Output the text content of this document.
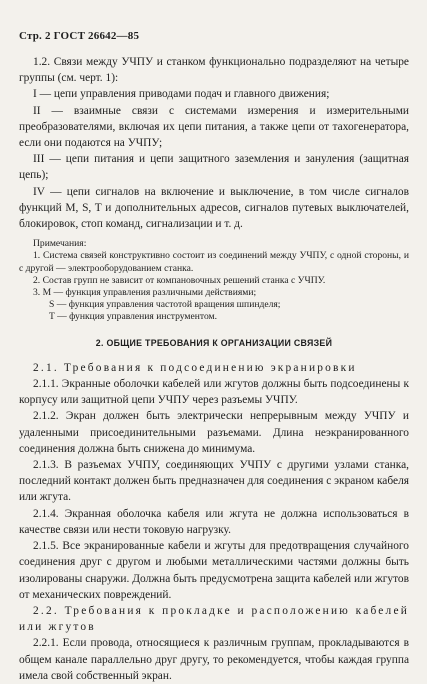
Стр. 2 ГОСТ 26642—85

1.2. Связи между УЧПУ и станком функционально подразделяют на четыре группы (см. черт. 1):

I — цепи управления приводами подач и главного движения;

II — взаимные связи с системами измерения и измерительными преобразователями, включая их цепи питания, а также цепи от тахогенератора, если они подаются на УЧПУ;

III — цепи питания и цепи защитного заземления и зануления (защитная цепь);

IV — цепи сигналов на включение и выключение, в том числе сигналов функций M, S, T и дополнительных адресов, сигналов путевых выключателей, блокировок, стоп команд, сигнализации и т. д.

Примечания:
1. Система связей конструктивно состоит из соединений между УЧПУ, с одной стороны, и с другой — электрооборудованием станка.
2. Состав групп не зависит от компановочных решений станка с УЧПУ.
3. M — функция управления различными действиями;
S — функция управления частотой вращения шпинделя;
T — функция управления инструментом.
2. ОБЩИЕ ТРЕБОВАНИЯ К ОРГАНИЗАЦИИ СВЯЗЕЙ

2.1. Требования к подсоединению экранировки

2.1.1. Экранные оболочки кабелей или жгутов должны быть подсоединены к корпусу или защитной цепи УЧПУ через разъемы УЧПУ.

2.1.2. Экран должен быть электрически непрерывным между УЧПУ и удаленными присоединительными разъемами. Длина неэкранированного соединения должна быть снижена до минимума.

2.1.3. В разъемах УЧПУ, соединяющих УЧПУ с другими узлами станка, последний контакт должен быть предназначен для соединения с экраном кабеля или жгута.

2.1.4. Экранная оболочка кабеля или жгута не должна использоваться в качестве связи или нести токовую нагрузку.

2.1.5. Все экранированные кабели и жгуты для предотвращения случайного соединения друг с другом и любыми металлическими частями должны быть изолированы снаружи. Должна быть предусмотрена защита кабелей или жгутов от механических повреждений.

2.2. Требования к прокладке и расположению кабелей или жгутов

2.2.1. Если провода, относящиеся к различным группам, прокладываются в общем канале параллельно друг другу, то рекомендуется, чтобы каждая группа имела свой собственный экран.
